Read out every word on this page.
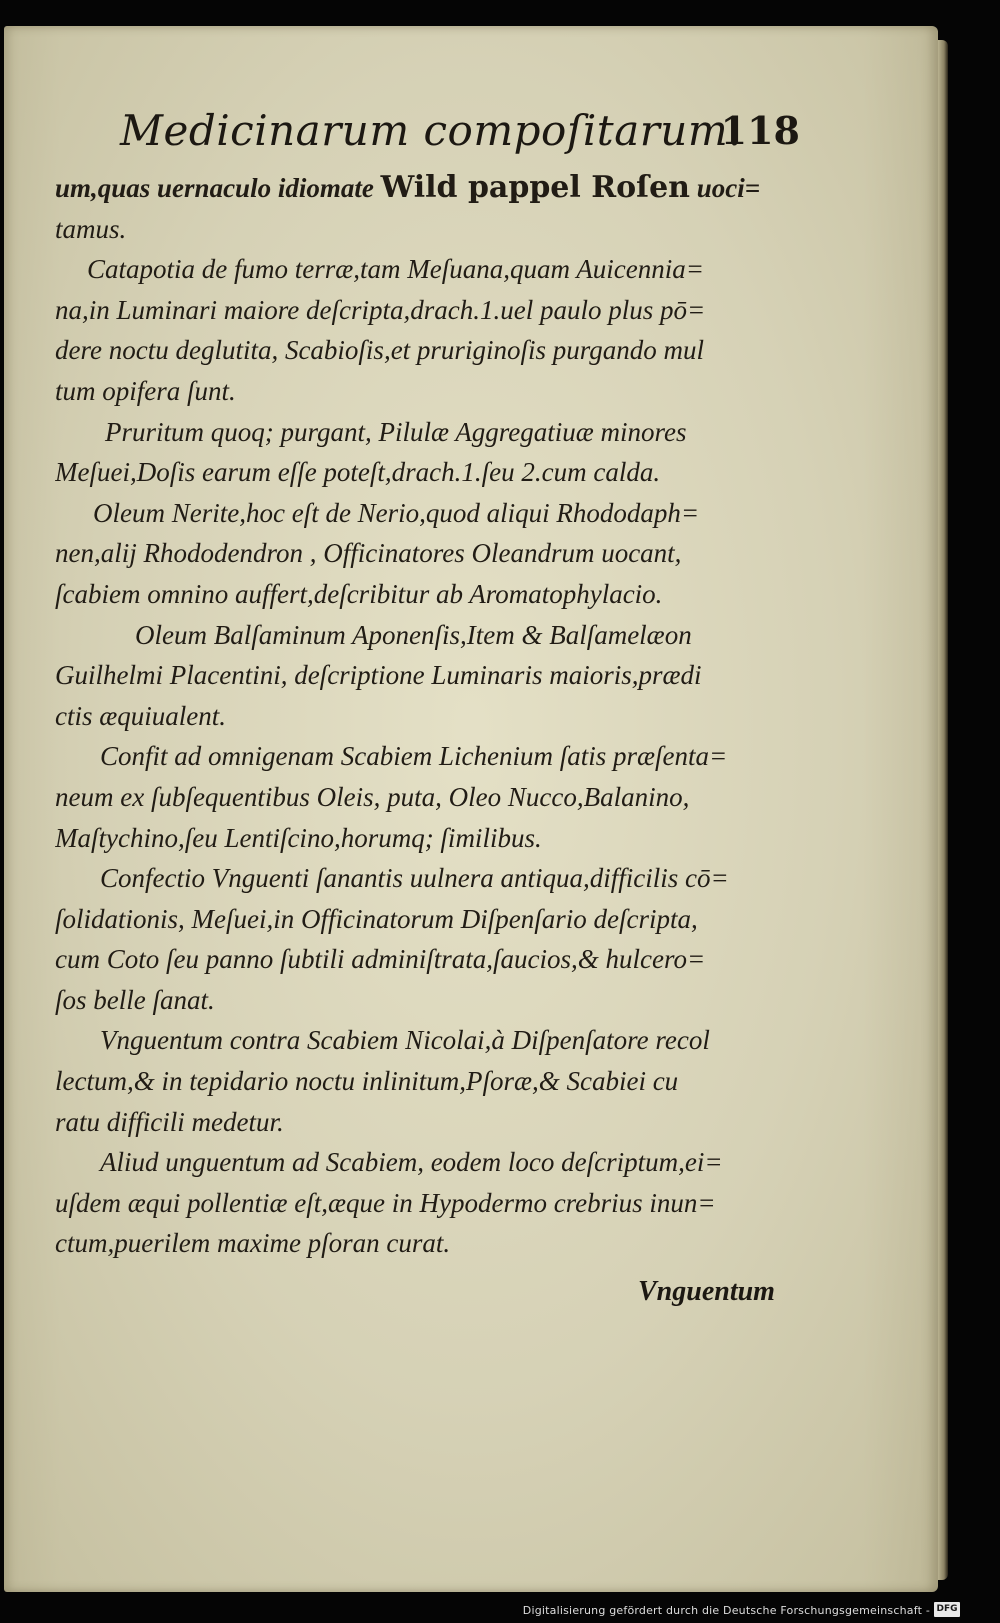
Medicinarum compoſitarum.
118
um,quas uernaculo idiomate Wild pappel Roſen uoci=
tamus.
Catapotia de fumo terræ,tam Meſuana,quam Auicennia=
na,in Luminari maiore deſcripta,drach.1.uel paulo plus pō=
dere noctu deglutita, Scabioſis,et pruriginoſis purgando mul
tum opifera ſunt.
Pruritum quoq; purgant, Pilulæ Aggregatiuæ minores
Meſuei,Doſis earum eſſe poteſt,drach.1.ſeu 2.cum calda.
Oleum Nerite,hoc eſt de Nerio,quod aliqui Rhododaph=
nen,alij Rhododendron , Officinatores Oleandrum uocant,
ſcabiem omnino auffert,deſcribitur ab Aromatophylacio.
Oleum Balſaminum Aponenſis,Item & Balſamelæon
Guilhelmi Placentini, deſcriptione Luminaris maioris,prædi
ctis æquiualent.
Confit ad omnigenam Scabiem Lichenium ſatis præſenta=
neum ex ſubſequentibus Oleis, puta, Oleo Nucco,Balanino,
Maſtychino,ſeu Lentiſcino,horumq; ſimilibus.
Confectio Vnguenti ſanantis uulnera antiqua,difficilis cō=
ſolidationis, Meſuei,in Officinatorum Diſpenſario deſcripta,
cum Coto ſeu panno ſubtili adminiſtrata,ſaucios,& hulcero=
ſos belle ſanat.
Vnguentum contra Scabiem Nicolai,à Diſpenſatore recol
lectum,& in tepidario noctu inlinitum,Pſoræ,& Scabiei cu
ratu difficili medetur.
Aliud unguentum ad Scabiem, eodem loco deſcriptum,ei=
uſdem æqui pollentiæ eſt,æque in Hypodermo crebrius inun=
ctum,puerilem maxime pſoran curat.
Vnguentum
Digitalisierung gefördert durch die Deutsche Forschungsgemeinschaft - DFG
